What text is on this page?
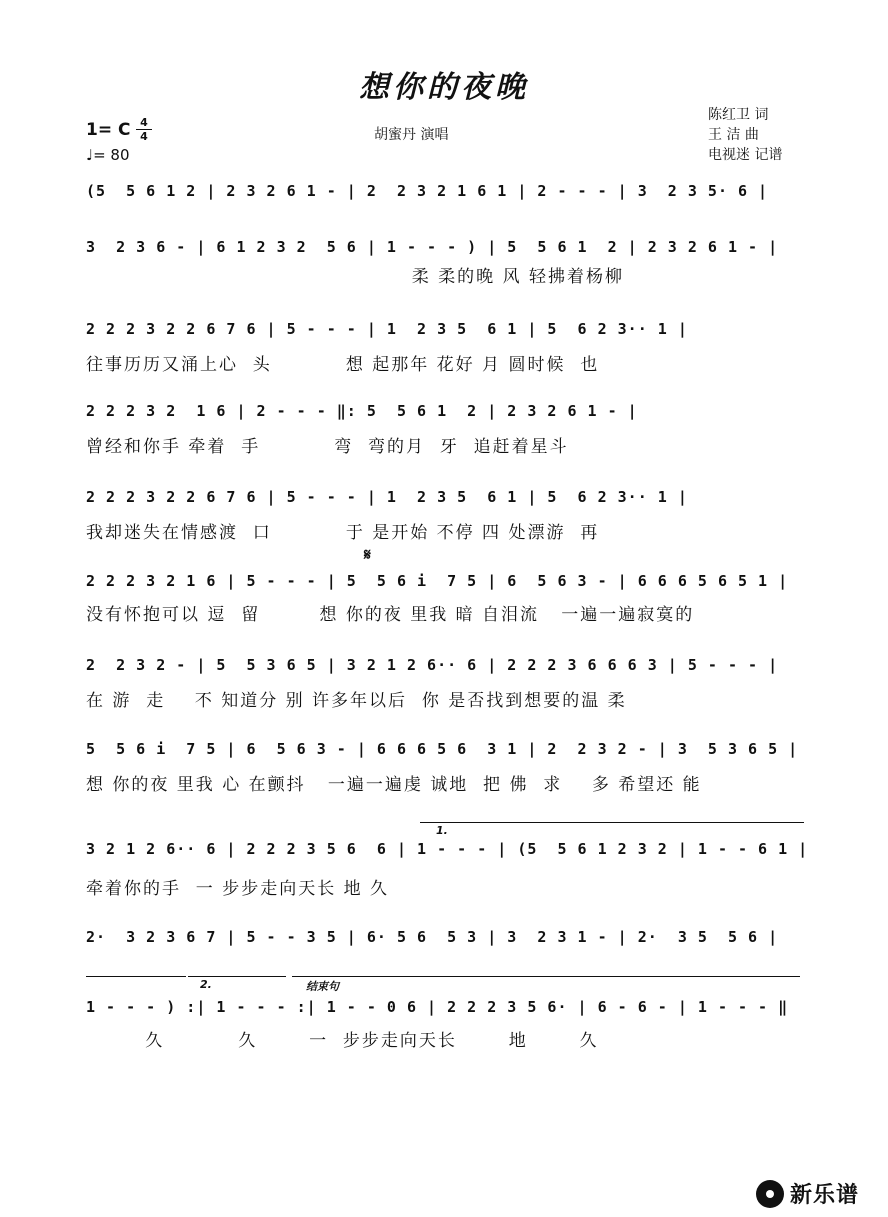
想你的夜晚
1= C 4
4
♩= 80
胡蜜丹 演唱
陈红卫 词
王 洁 曲
电视迷 记谱
(5  5 6 1 2 | 2 3 2 6 1 - | 2  2 3 2 1 6 1 | 2 - - - | 3  2 3 5· 6 |
3  2 3 6 - | 6 1 2 3 2  5 6 | 1 - - - ) | 5  5 6 1  2 | 2 3 2 6 1 - |
柔 柔的晚 风 轻拂着杨柳
2 2 2 3 2 2 6 7 6 | 5 - - - | 1  2 3 5  6 1 | 5  6 2 3·· 1 |
往事历历又涌上心  头          想 起那年 花好 月 圆时候  也
2 2 2 3 2  1 6 | 2 - - - ‖: 5  5 6 1  2 | 2 3 2 6 1 - |
曾经和你手 牵着  手          弯  弯的月  牙  追赶着星斗
2 2 2 3 2 2 6 7 6 | 5 - - - | 1  2 3 5  6 1 | 5  6 2 3·· 1 |
我却迷失在情感渡  口          于 是开始 不停 四 处漂游  再
𝄋
2 2 2 3 2 1 6 | 5 - - - | 5  5 6 i  7 5 | 6  5 6 3 - | 6 6 6 5 6 5 1 |
没有怀抱可以 逗  留        想 你的夜 里我 暗 自泪流   一遍一遍寂寞的
2  2 3 2 - | 5  5 3 6 5 | 3 2 1 2 6·· 6 | 2 2 2 3 6 6 6 3 | 5 - - - |
在 游  走    不 知道分 别 许多年以后  你 是否找到想要的温 柔
5  5 6 i  7 5 | 6  5 6 3 - | 6 6 6 5 6  3 1 | 2  2 3 2 - | 3  5 3 6 5 |
想 你的夜 里我 心 在颤抖   一遍一遍虔 诚地  把 佛  求    多 希望还 能
1.
3 2 1 2 6·· 6 | 2 2 2 3 5 6  6 | 1 - - - | (5  5 6 1 2 3 2 | 1 - - 6 1 |
牵着你的手  一 步步走向天长 地 久
2·  3 2 3 6 7 | 5 - - 3 5 | 6· 5 6  5 3 | 3  2 3 1 - | 2·  3 5  5 6 |
2.	结束句
1 - - - ) :| 1 - - - :| 1 - - 0 6 | 2 2 2 3 5 6· | 6 - 6 - | 1 - - - ‖
久          久       一  步步走向天长       地       久
新乐谱
